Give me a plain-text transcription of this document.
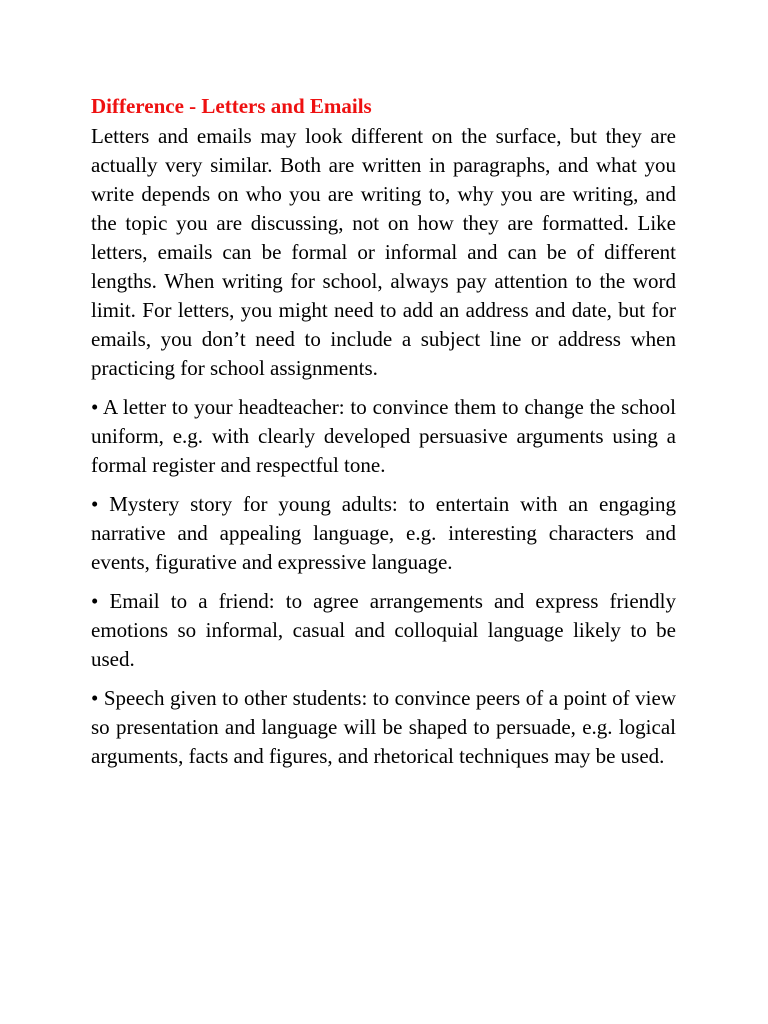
Difference - Letters and Emails

Letters and emails may look different on the surface, but they are actually very similar. Both are written in paragraphs, and what you write depends on who you are writing to, why you are writing, and the topic you are discussing, not on how they are formatted. Like letters, emails can be formal or informal and can be of different lengths. When writing for school, always pay attention to the word limit. For letters, you might need to add an address and date, but for emails, you don’t need to include a subject line or address when practicing for school assignments.

• A letter to your headteacher: to convince them to change the school uniform, e.g. with clearly developed persuasive arguments using a formal register and respectful tone.

• Mystery story for young adults: to entertain with an engaging narrative and appealing language, e.g. interesting characters and events, figurative and expressive language.

• Email to a friend: to agree arrangements and express friendly emotions so informal, casual and colloquial language likely to be used.

• Speech given to other students: to convince peers of a point of view so presentation and language will be shaped to persuade, e.g. logical arguments, facts and figures, and rhetorical techniques may be used.
